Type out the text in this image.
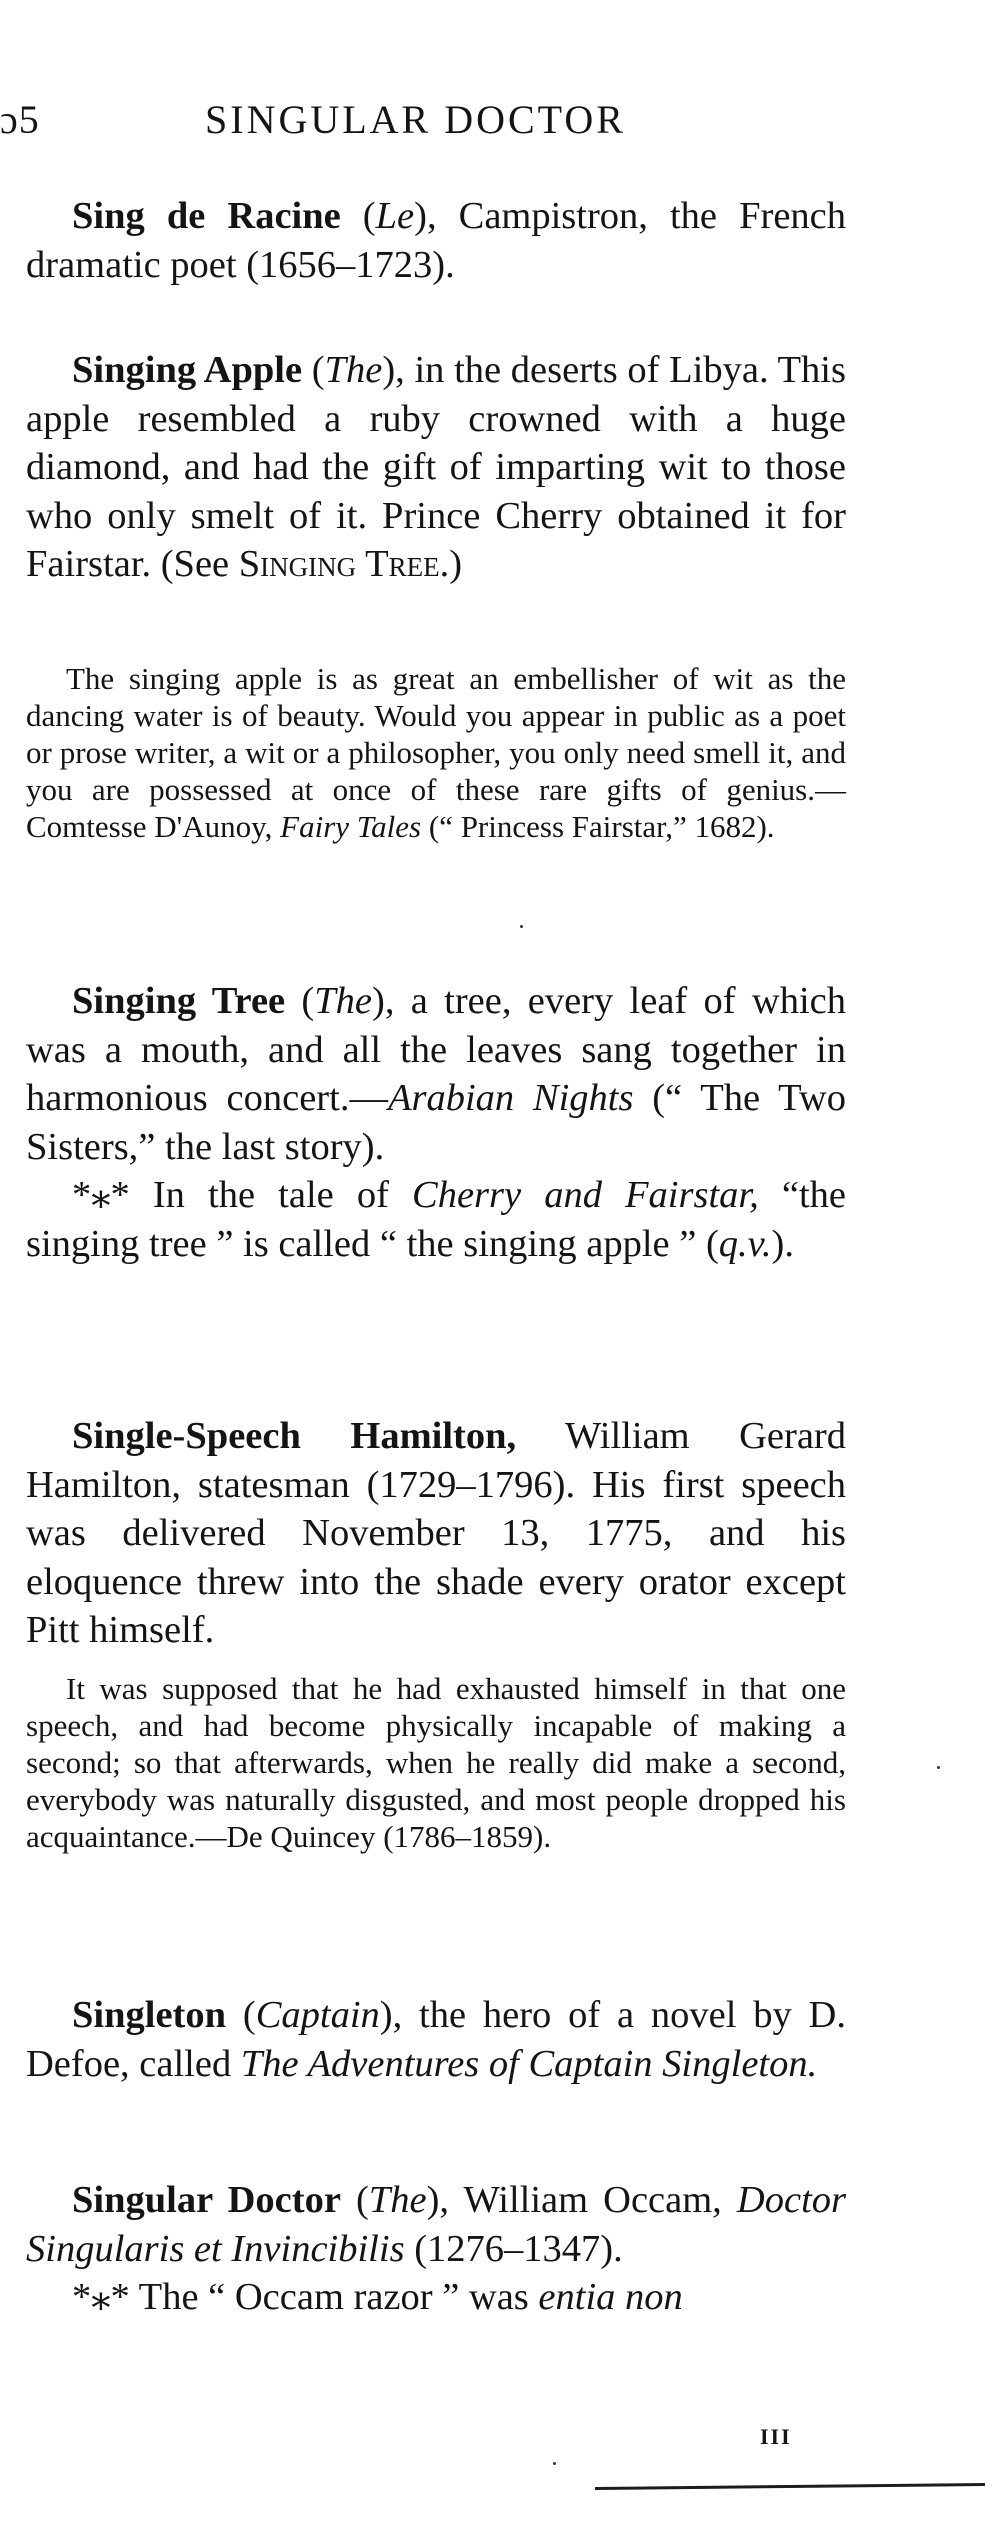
ɔ5	SINGULAR DOCTOR

Sing de Racine (Le), Campistron, the French dramatic poet (1656–1723).

Singing Apple (The), in the deserts of Libya. This apple resembled a ruby crowned with a huge diamond, and had the gift of imparting wit to those who only smelt of it. Prince Cherry obtained it for Fairstar. (See Singing Tree.)

The singing apple is as great an embellisher of wit as the dancing water is of beauty. Would you appear in public as a poet or prose writer, a wit or a philosopher, you only need smell it, and you are possessed at once of these rare gifts of genius.—Comtesse D'Aunoy, Fairy Tales (“ Princess Fairstar,” 1682).

Singing Tree (The), a tree, every leaf of which was a mouth, and all the leaves sang together in harmonious concert.—Arabian Nights (“ The Two Sisters,” the last story).

*⁎* In the tale of Cherry and Fairstar, “the singing tree ” is called “ the singing apple ” (q.v.).

Single-Speech Hamilton, William Gerard Hamilton, statesman (1729–1796). His first speech was delivered November 13, 1775, and his eloquence threw into the shade every orator except Pitt himself.

It was supposed that he had exhausted himself in that one speech, and had become physically incapable of making a second; so that afterwards, when he really did make a second, everybody was naturally disgusted, and most people dropped his acquaintance.—De Quincey (1786–1859).

Singleton (Captain), the hero of a novel by D. Defoe, called The Adventures of Captain Singleton.

Singular Doctor (The), William Occam, Doctor Singularis et Invincibilis (1276–1347).

*⁎* The “ Occam razor ” was entia non

III
